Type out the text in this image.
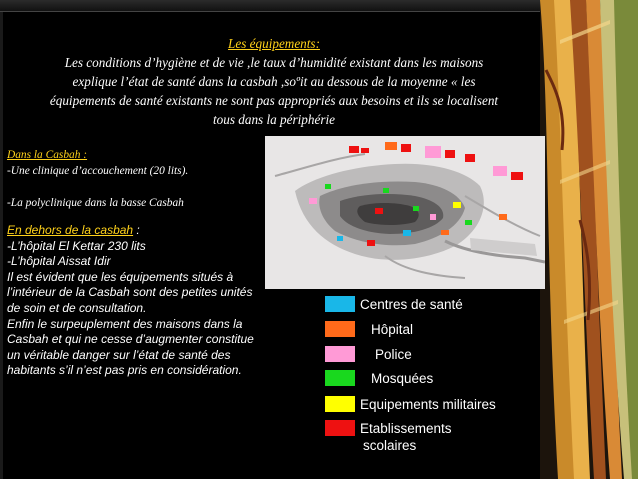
Les équipements:
Les conditions d’hygiène et de vie ,le taux d’humidité existant dans les maisons
explique l’état de santé dans la casbah ,soºit au dessous de la moyenne « les
équipements de santé existants ne sont pas appropriés aux besoins et ils se localisent
tous dans la périphérie

Dans la Casbah :

-Une clinique d’accouchement (20 lits).

-La polyclinique dans la basse Casbah

En dehors de la casbah :

-L’hôpital El Kettar 230 lits

-L’hôpital Aissat Idir

Il est évident que les équipements situés à

l’intérieur de la Casbah sont des petites unités

de soin et de consultation.

Enfin le surpeuplement des maisons dans la

Casbah et qui ne cesse d’augmenter constitue

un véritable danger sur l’état de santé des

habitants s’il n’est pas pris en considération.

Centres de santé
Hôpital
Police
Mosquées
Equipements militaires
Etablissements
scolaires
